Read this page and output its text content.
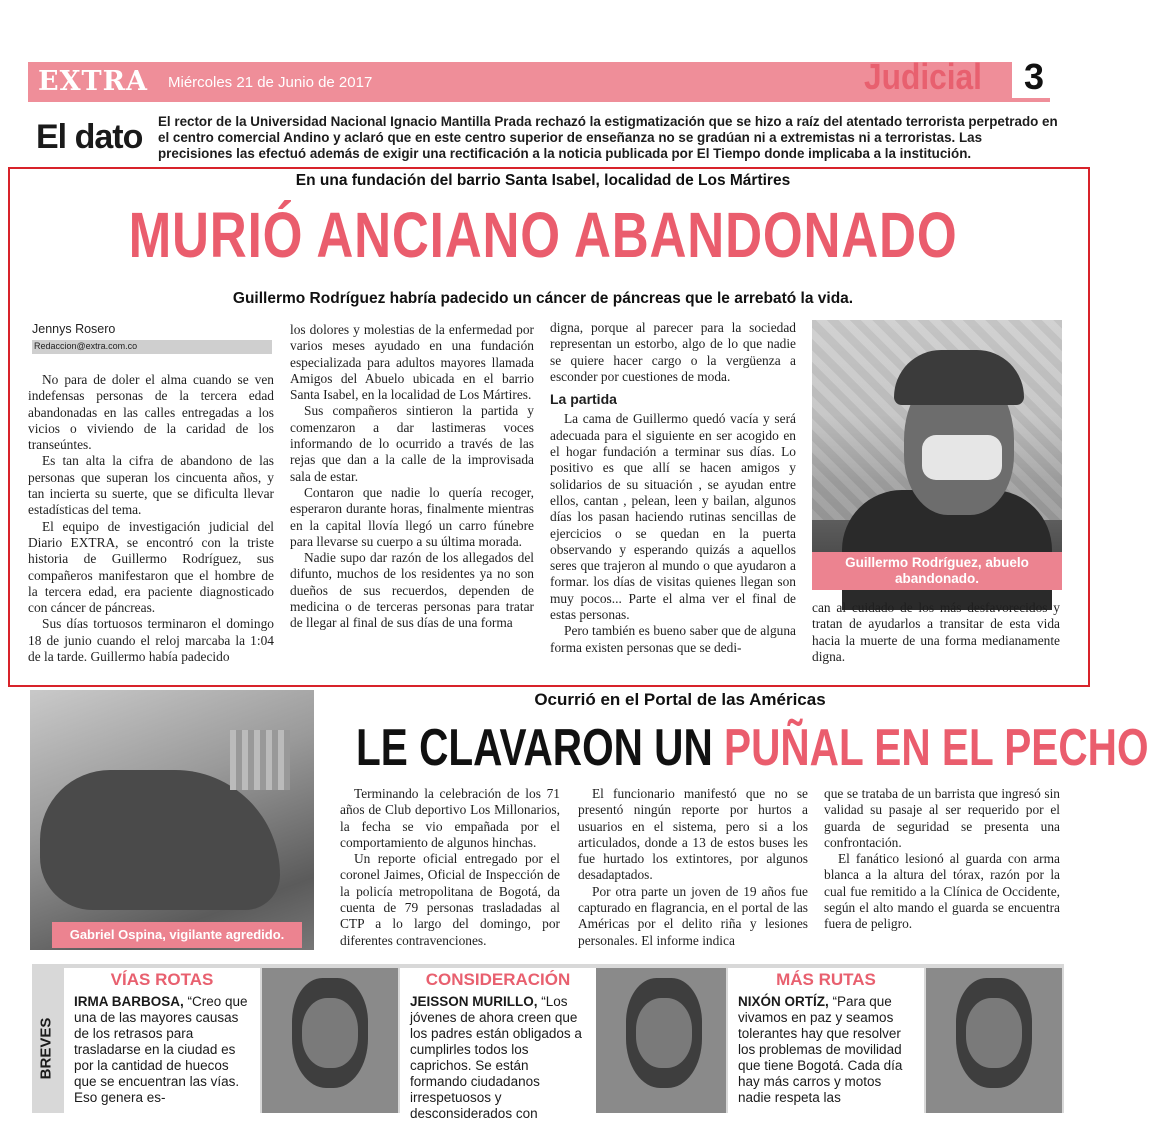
EXTRA Miércoles 21 de Junio de 2017	Judicial	3
El dato El rector de la Universidad Nacional Ignacio Mantilla Prada rechazó la estigmatización que se hizo a raíz del atentado terrorista perpetrado en el centro comercial Andino y aclaró que en este centro superior de enseñanza no se gradúan ni a extremistas ni a terroristas. Las precisiones las efectuó además de exigir una rectificación a la noticia publicada por El Tiempo donde implicaba a la institución.
En una fundación del barrio Santa Isabel, localidad de Los Mártires
MURIÓ ANCIANO ABANDONADO
Guillermo Rodríguez habría padecido un cáncer de páncreas que le arrebató la vida.
Jennys Rosero
Redaccion@extra.com.co

No para de doler el alma cuando se ven indefensas personas de la tercera edad abandonadas en las calles entregadas a los vicios o viviendo de la caridad de los transeúntes.

Es tan alta la cifra de abandono de las personas que superan los cincuenta años, y tan incierta su suerte, que se dificulta llevar estadísticas del tema.

El equipo de investigación judicial del Diario EXTRA, se encontró con la triste historia de Guillermo Rodríguez, sus compañeros manifestaron que el hombre de la tercera edad, era paciente diagnosticado con cáncer de páncreas.

Sus días tortuosos terminaron el domingo 18 de junio cuando el reloj marcaba la 1:04 de la tarde. Guillermo había padecido

los dolores y molestias de la enfermedad por varios meses ayudado en una fundación especializada para adultos mayores llamada Amigos del Abuelo ubicada en el barrio Santa Isabel, en la localidad de Los Mártires.

Sus compañeros sintieron la partida y comenzaron a dar lastimeras voces informando de lo ocurrido a través de las rejas que dan a la calle de la improvisada sala de estar.

Contaron que nadie lo quería recoger, esperaron durante horas, finalmente mientras en la capital llovía llegó un carro fúnebre para llevarse su cuerpo a su última morada.

Nadie supo dar razón de los allegados del difunto, muchos de los residentes ya no son dueños de sus recuerdos, dependen de medicina o de terceras personas para tratar de llegar al final de sus días de una forma

digna, porque al parecer para la sociedad representan un estorbo, algo de lo que nadie se quiere hacer cargo o la vergüenza a esconder por cuestiones de moda.

La partida

La cama de Guillermo quedó vacía y será adecuada para el siguiente en ser acogido en el hogar fundación a terminar sus días. Lo positivo es que allí se hacen amigos y solidarios de su situación , se ayudan entre ellos, cantan , pelean, leen y bailan, algunos días los pasan haciendo rutinas sencillas de ejercicios o se quedan en la puerta observando y esperando quizás a aquellos seres que trajeron al mundo o que ayudaron a formar. los días de visitas quienes llegan son muy pocos... Parte el alma ver el final de estas personas.

Pero también es bueno saber que de alguna forma existen personas que se dedi-

Guillermo Rodríguez, abuelo abandonado.

can al cuidado de los más desfavorecidos y tratan de ayudarlos a transitar de esta vida hacia la muerte de una forma medianamente digna.

Gabriel Ospina, vigilante agredido.
Ocurrió en el Portal de las Américas
LE CLAVARON UN PUÑAL EN EL PECHO

Terminando la celebración de los 71 años de Club deportivo Los Millonarios, la fecha se vio empañada por el comportamiento de algunos hinchas.

Un reporte oficial entregado por el coronel Jaimes, Oficial de Inspección de la policía metropolitana de Bogotá, da cuenta de 79 personas trasladadas al CTP a lo largo del domingo, por diferentes contravenciones.

El funcionario manifestó que no se presentó ningún reporte por hurtos a usuarios en el sistema, pero si a los articulados, donde a 13 de estos buses les fue hurtado los extintores, por algunos desadaptados.

Por otra parte un joven de 19 años fue capturado en flagrancia, en el portal de las Américas por el delito riña y lesiones personales. El informe indica

que se trataba de un barrista que ingresó sin validad su pasaje al ser requerido por el guarda de seguridad se presenta una confrontación.

El fanático lesionó al guarda con arma blanca a la altura del tórax, razón por la cual fue remitido a la Clínica de Occidente, según el alto mando el guarda se encuentra fuera de peligro.

BREVES
VÍAS ROTAS
IRMA BARBOSA, “Creo que una de las mayores causas de los retrasos para trasladarse en la ciudad es por la cantidad de huecos que se encuentran las vías. Eso genera es-
CONSIDERACIÓN
JEISSON MURILLO, “Los jóvenes de ahora creen que los padres están obligados a cumplirles todos los caprichos. Se están formando ciudadanos irrespetuosos y desconsiderados con
MÁS RUTAS
NIXÓN ORTÍZ, “Para que vivamos en paz y seamos tolerantes hay que resolver los problemas de movilidad que tiene Bogotá. Cada día hay más carros y motos nadie respeta las
